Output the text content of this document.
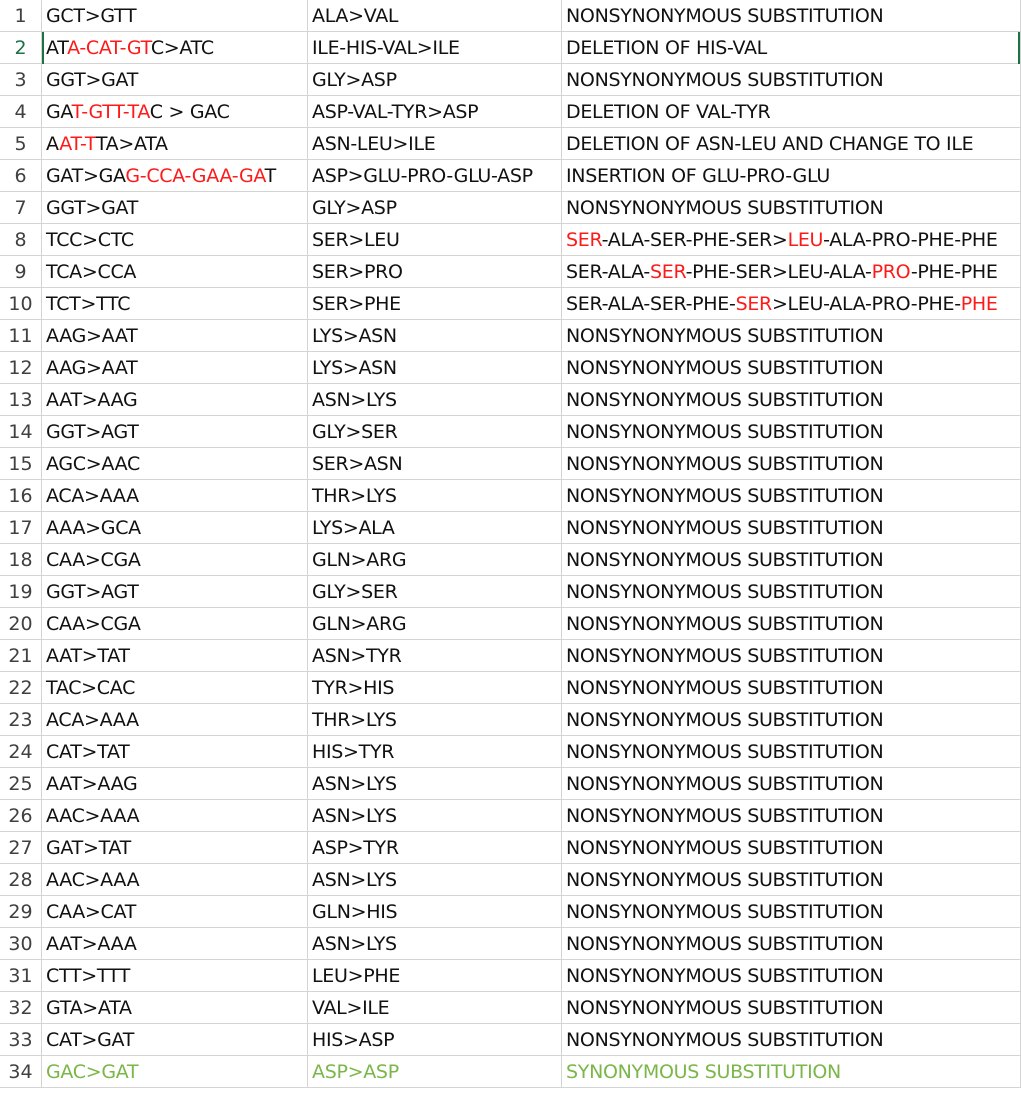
1	GCT>GTT	ALA>VAL	NONSYNONYMOUS SUBSTITUTION
2	ATA-CAT-GTC>ATC	ILE-HIS-VAL>ILE	DELETION OF HIS-VAL
3	GGT>GAT	GLY>ASP	NONSYNONYMOUS SUBSTITUTION
4	GAT-GTT-TAC > GAC	ASP-VAL-TYR>ASP	DELETION OF VAL-TYR
5	AAT-TTA>ATA	ASN-LEU>ILE	DELETION OF ASN-LEU AND CHANGE TO ILE
6	GAT>GAG-CCA-GAA-GAT	ASP>GLU-PRO-GLU-ASP	INSERTION OF GLU-PRO-GLU
7	GGT>GAT	GLY>ASP	NONSYNONYMOUS SUBSTITUTION
8	TCC>CTC	SER>LEU	SER-ALA-SER-PHE-SER>LEU-ALA-PRO-PHE-PHE
9	TCA>CCA	SER>PRO	SER-ALA-SER-PHE-SER>LEU-ALA-PRO-PHE-PHE
10 TCT>TTC	SER>PHE	SER-ALA-SER-PHE-SER>LEU-ALA-PRO-PHE-PHE
11 AAG>AAT	LYS>ASN	NONSYNONYMOUS SUBSTITUTION
12 AAG>AAT	LYS>ASN	NONSYNONYMOUS SUBSTITUTION
13 AAT>AAG	ASN>LYS	NONSYNONYMOUS SUBSTITUTION
14 GGT>AGT	GLY>SER	NONSYNONYMOUS SUBSTITUTION
15 AGC>AAC	SER>ASN	NONSYNONYMOUS SUBSTITUTION
16 ACA>AAA	THR>LYS	NONSYNONYMOUS SUBSTITUTION
17 AAA>GCA	LYS>ALA	NONSYNONYMOUS SUBSTITUTION
18 CAA>CGA	GLN>ARG	NONSYNONYMOUS SUBSTITUTION
19 GGT>AGT	GLY>SER	NONSYNONYMOUS SUBSTITUTION
20 CAA>CGA	GLN>ARG	NONSYNONYMOUS SUBSTITUTION
21 AAT>TAT	ASN>TYR	NONSYNONYMOUS SUBSTITUTION
22 TAC>CAC	TYR>HIS	NONSYNONYMOUS SUBSTITUTION
23 ACA>AAA	THR>LYS	NONSYNONYMOUS SUBSTITUTION
24 CAT>TAT	HIS>TYR	NONSYNONYMOUS SUBSTITUTION
25 AAT>AAG	ASN>LYS	NONSYNONYMOUS SUBSTITUTION
26 AAC>AAA	ASN>LYS	NONSYNONYMOUS SUBSTITUTION
27 GAT>TAT	ASP>TYR	NONSYNONYMOUS SUBSTITUTION
28 AAC>AAA	ASN>LYS	NONSYNONYMOUS SUBSTITUTION
29 CAA>CAT	GLN>HIS	NONSYNONYMOUS SUBSTITUTION
30 AAT>AAA	ASN>LYS	NONSYNONYMOUS SUBSTITUTION
31 CTT>TTT	LEU>PHE	NONSYNONYMOUS SUBSTITUTION
32 GTA>ATA	VAL>ILE	NONSYNONYMOUS SUBSTITUTION
33 CAT>GAT	HIS>ASP	NONSYNONYMOUS SUBSTITUTION
34 GAC>GAT	ASP>ASP	SYNONYMOUS SUBSTITUTION
